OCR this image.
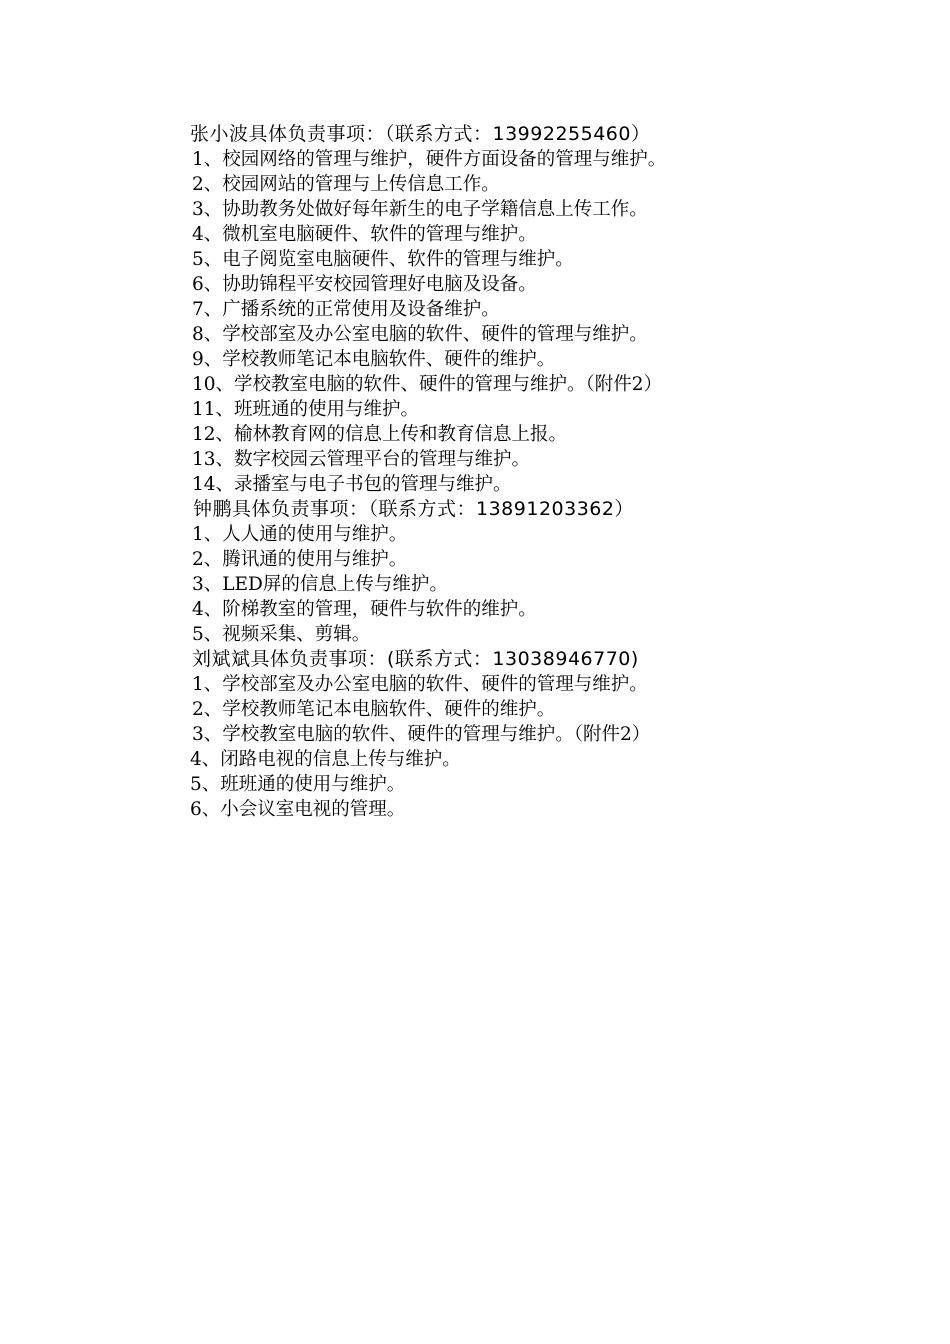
张小波具体负责事项：（联系方式：13992255460）
1、校园网络的管理与维护，硬件方面设备的管理与维护。
2、校园网站的管理与上传信息工作。
3、协助教务处做好每年新生的电子学籍信息上传工作。
4、微机室电脑硬件、软件的管理与维护。
5、电子阅览室电脑硬件、软件的管理与维护。
6、协助锦程平安校园管理好电脑及设备。
7、广播系统的正常使用及设备维护。
8、学校部室及办公室电脑的软件、硬件的管理与维护。
9、学校教师笔记本电脑软件、硬件的维护。
10、学校教室电脑的软件、硬件的管理与维护。（附件2）
11、班班通的使用与维护。
12、榆林教育网的信息上传和教育信息上报。
13、数字校园云管理平台的管理与维护。
14、录播室与电子书包的管理与维护。
钟鹏具体负责事项：（联系方式：13891203362）
1、人人通的使用与维护。
2、腾讯通的使用与维护。
3、LED屏的信息上传与维护。
4、阶梯教室的管理，硬件与软件的维护。
5、视频采集、剪辑。
刘斌斌具体负责事项：(联系方式：13038946770)
1、学校部室及办公室电脑的软件、硬件的管理与维护。
2、学校教师笔记本电脑软件、硬件的维护。
3、学校教室电脑的软件、硬件的管理与维护。（附件2）
4、闭路电视的信息上传与维护。
5、班班通的使用与维护。
6、小会议室电视的管理。
